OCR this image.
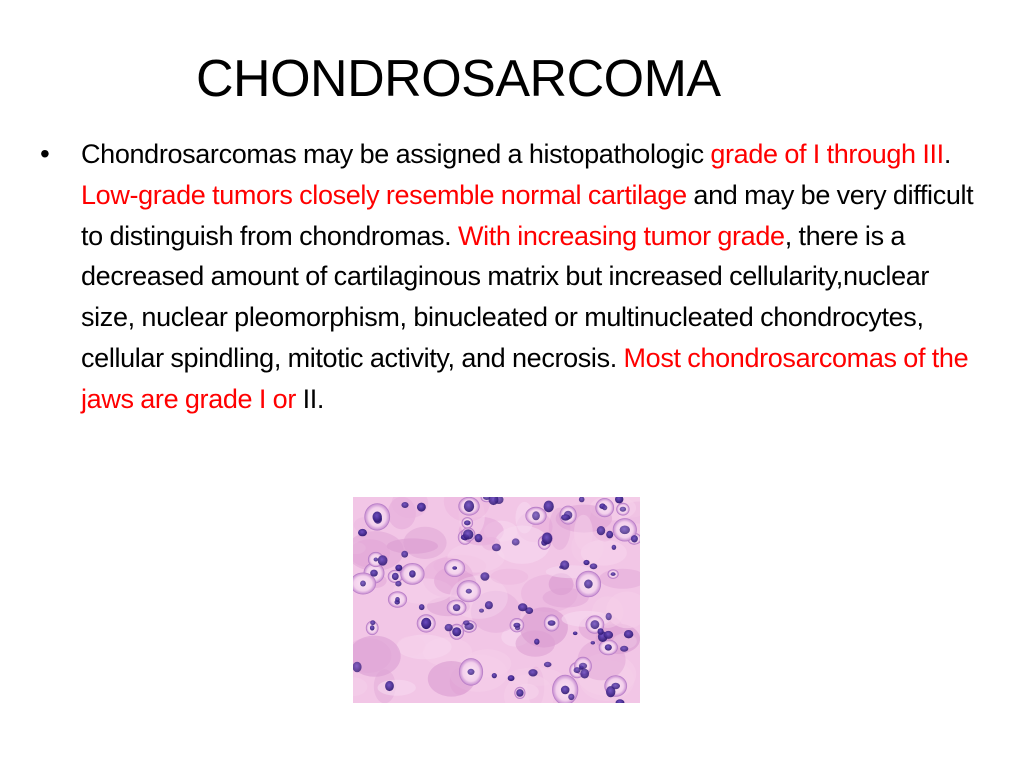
CHONDROSARCOMA
• Chondrosarcomas may be assigned a histopathologic grade of I through III. Low-grade tumors closely resemble normal cartilage and may be very difficult to distinguish from chondromas. With increasing tumor grade, there is a decreased amount of cartilaginous matrix but increased cellularity,nuclear size, nuclear pleomorphism, binucleated or multinucleated chondrocytes, cellular spindling, mitotic activity, and necrosis. Most chondrosarcomas of the jaws are grade I or II.
